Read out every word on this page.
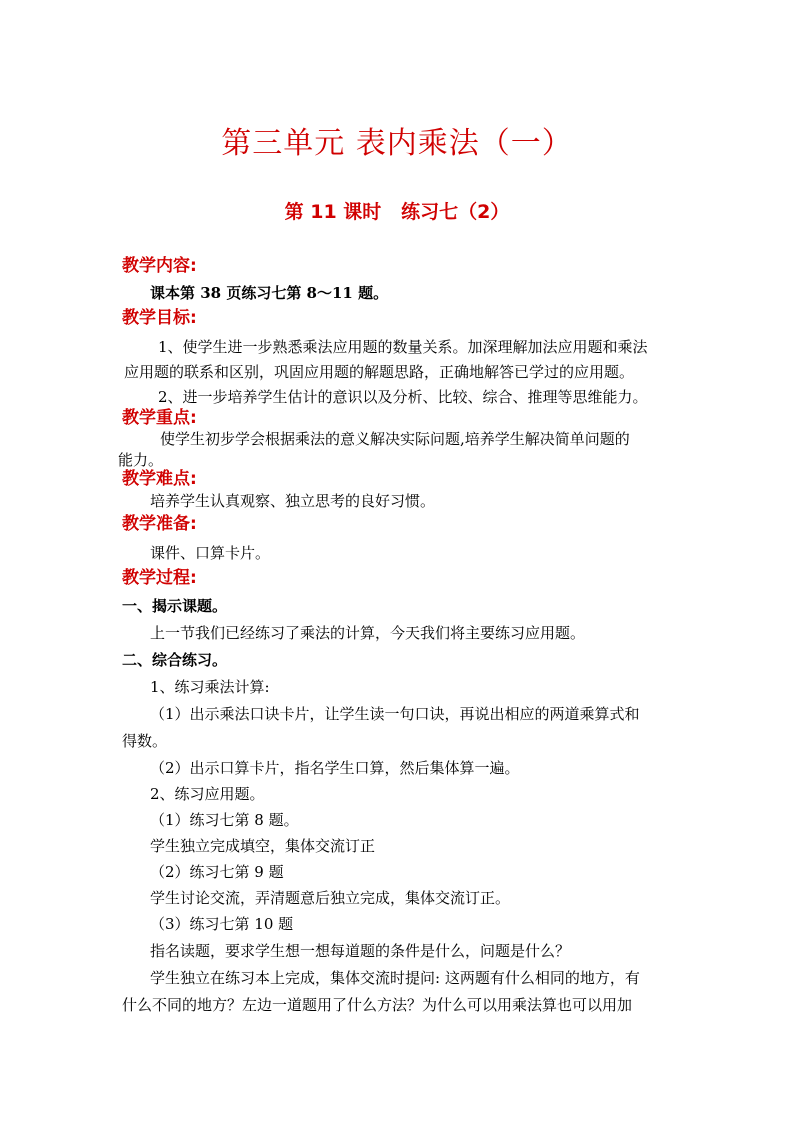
第三单元 表内乘法（一）
第 11 课时   练习七（2）
教学内容:
课本第 38 页练习七第 8～11 题。
教学目标:
1、使学生进一步熟悉乘法应用题的数量关系。加深理解加法应用题和乘法
应用题的联系和区别，巩固应用题的解题思路，正确地解答已学过的应用题。
2、进一步培养学生估计的意识以及分析、比较、综合、推理等思维能力。
教学重点:
使学生初步学会根据乘法的意义解决实际问题,培养学生解决简单问题的
能力。
教学难点:
培养学生认真观察、独立思考的良好习惯。
教学准备:
课件、口算卡片。
教学过程:
一、揭示课题。
上一节我们已经练习了乘法的计算，今天我们将主要练习应用题。
二、综合练习。
1、练习乘法计算:
（1）出示乘法口诀卡片，让学生读一句口诀，再说出相应的两道乘算式和
得数。
（2）出示口算卡片，指名学生口算，然后集体算一遍。
2、练习应用题。
（1）练习七第 8 题。
学生独立完成填空，集体交流订正
（2）练习七第 9 题
学生讨论交流，弄清题意后独立完成，集体交流订正。
（3）练习七第 10 题
指名读题，要求学生想一想每道题的条件是什么，问题是什么？
学生独立在练习本上完成，集体交流时提问: 这两题有什么相同的地方，有
什么不同的地方？左边一道题用了什么方法？为什么可以用乘法算也可以用加
